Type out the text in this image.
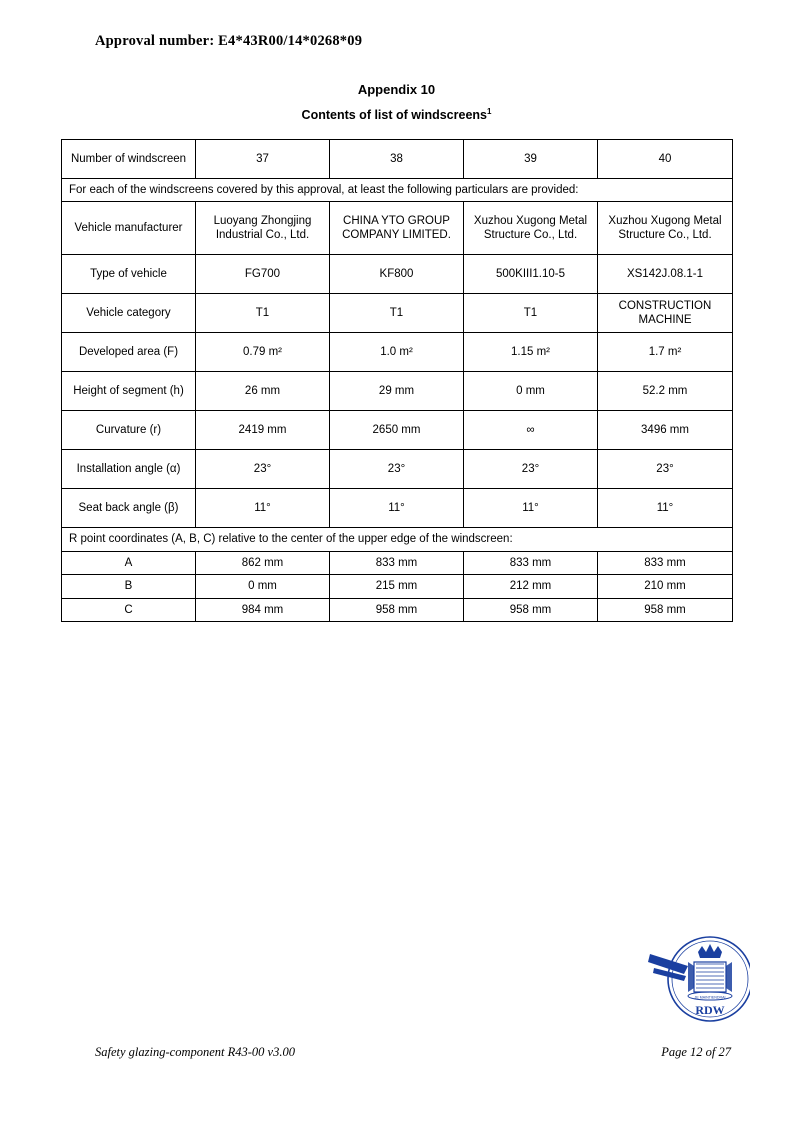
Approval number: E4*43R00/14*0268*09
Appendix 10
Contents of list of windscreens$^1$
Number of windscreen	37	38	39	40
For each of the windscreens covered by this approval, at least the following particulars are provided:				
Vehicle manufacturer	Luoyang Zhongjing Industrial Co., Ltd.	CHINA YTO GROUP COMPANY LIMITED.	Xuzhou Xugong Metal Structure Co., Ltd.	Xuzhou Xugong Metal Structure Co., Ltd.
Type of vehicle	FG700	KF800	500KIII1.10-5	XS142J.08.1-1
Vehicle category	T1	T1	T1	CONSTRUCTION MACHINE
Developed area (F)	0.79 m²	1.0 m²	1.15 m²	1.7 m²
Height of segment (h)	26 mm	29 mm	0 mm	52.2 mm
Curvature (r)	2419 mm	2650 mm	∞	3496 mm
Installation angle (α)	23°	23°	23°	23°
Seat back angle (β)	11°	11°	11°	11°
R point coordinates (A, B, C) relative to the center of the upper edge of the windscreen:				
A	862 mm	833 mm	833 mm	833 mm
B	0 mm	215 mm	212 mm	210 mm
C	984 mm	958 mm	958 mm	958 mm
JE MAINTIENDRAI
RDW
Safety glazing-component R43-00 v3.00	Page 12 of 27
